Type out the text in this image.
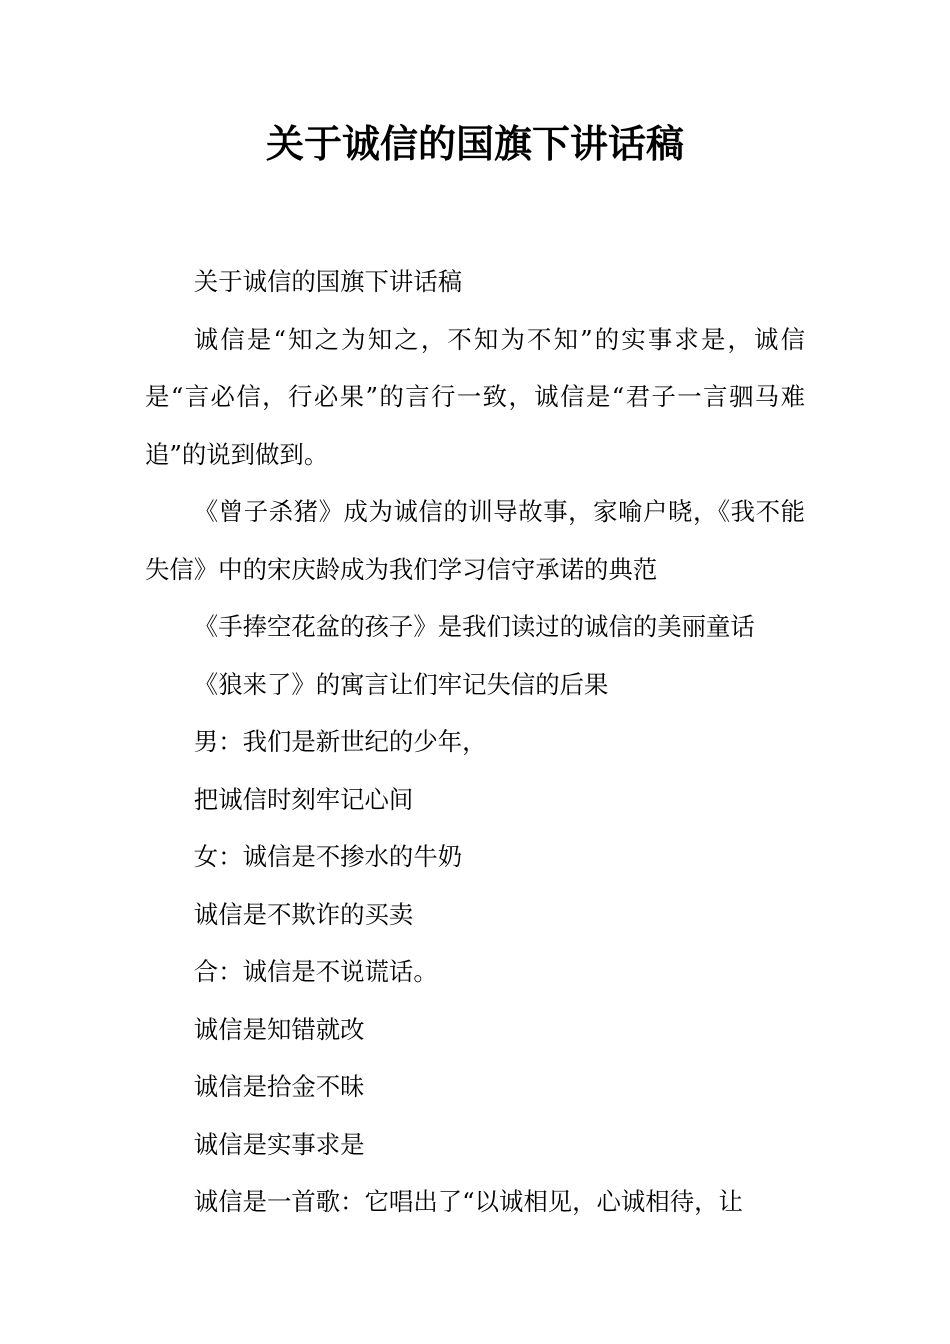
关于诚信的国旗下讲话稿

关于诚信的国旗下讲话稿

诚信是“知之为知之，不知为不知”的实事求是，诚信是“言必信，行必果”的言行一致，诚信是“君子一言驷马难追”的说到做到。

《曾子杀猪》成为诚信的训导故事，家喻户晓，《我不能失信》中的宋庆龄成为我们学习信守承诺的典范

《手捧空花盆的孩子》是我们读过的诚信的美丽童话

《狼来了》的寓言让们牢记失信的后果

男：我们是新世纪的少年，

把诚信时刻牢记心间

女：诚信是不掺水的牛奶

诚信是不欺诈的买卖

合：诚信是不说谎话。

诚信是知错就改

诚信是拾金不昧

诚信是实事求是

诚信是一首歌：它唱出了“以诚相见，心诚相待，让
